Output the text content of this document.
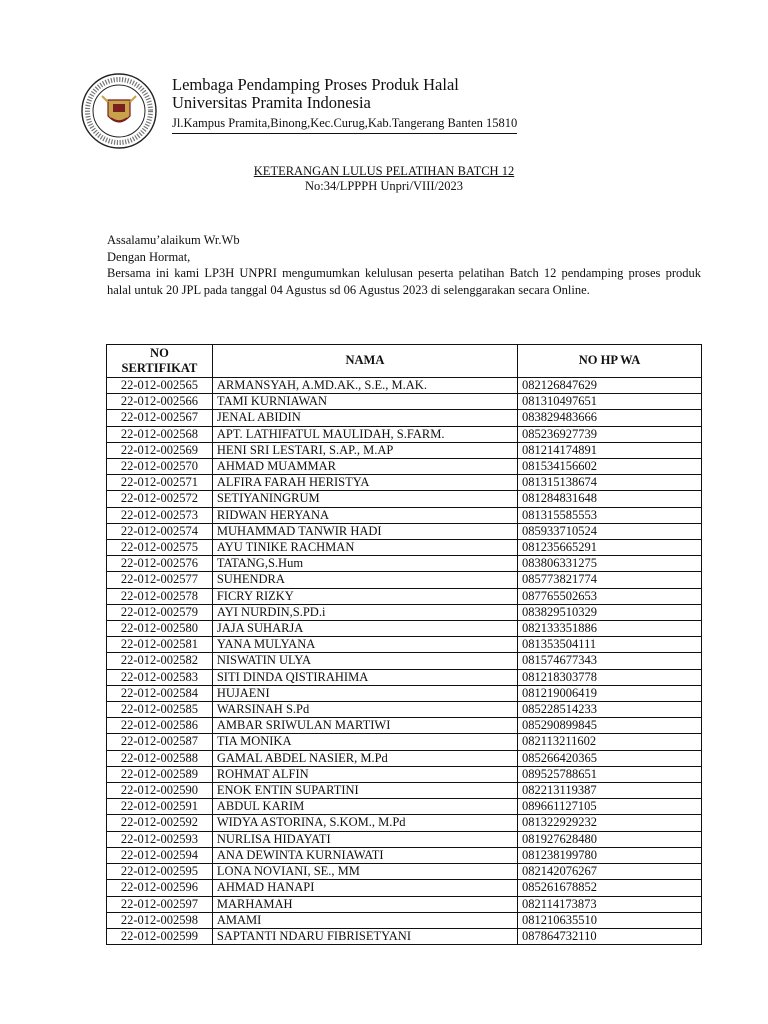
Lembaga Pendamping Proses Produk Halal
Universitas Pramita Indonesia
Jl.Kampus Pramita,Binong,Kec.Curug,Kab.Tangerang Banten 15810
KETERANGAN LULUS PELATIHAN BATCH 12
No:34/LPPPH Unpri/VIII/2023
Assalamu’alaikum Wr.Wb
Dengan Hormat,
Bersama ini kami LP3H UNPRI mengumumkan kelulusan peserta pelatihan Batch 12 pendamping proses produk halal untuk 20 JPL pada tanggal 04 Agustus sd 06 Agustus 2023 di selenggarakan secara Online.
NO
SERTIFIKAT	NAMA	NO HP WA
22-012-002565	ARMANSYAH, A.MD.AK., S.E., M.AK.	082126847629
22-012-002566	TAMI KURNIAWAN	081310497651
22-012-002567	JENAL ABIDIN	083829483666
22-012-002568	APT. LATHIFATUL MAULIDAH, S.FARM.	085236927739
22-012-002569	HENI SRI LESTARI, S.AP., M.AP	081214174891
22-012-002570	AHMAD MUAMMAR	081534156602
22-012-002571	ALFIRA FARAH HERISTYA	081315138674
22-012-002572	SETIYANINGRUM	081284831648
22-012-002573	RIDWAN HERYANA	081315585553
22-012-002574	MUHAMMAD TANWIR HADI	085933710524
22-012-002575	AYU TINIKE RACHMAN	081235665291
22-012-002576	TATANG,S.Hum	083806331275
22-012-002577	SUHENDRA	085773821774
22-012-002578	FICRY RIZKY	087765502653
22-012-002579	AYI NURDIN,S.PD.i	083829510329
22-012-002580	JAJA SUHARJA	082133351886
22-012-002581	YANA MULYANA	081353504111
22-012-002582	NISWATIN ULYA	081574677343
22-012-002583	SITI DINDA QISTIRAHIMA	081218303778
22-012-002584	HUJAENI	081219006419
22-012-002585	WARSINAH S.Pd	085228514233
22-012-002586	AMBAR SRIWULAN MARTIWI	085290899845
22-012-002587	TIA MONIKA	082113211602
22-012-002588	GAMAL ABDEL NASIER, M.Pd	085266420365
22-012-002589	ROHMAT ALFIN	089525788651
22-012-002590	ENOK ENTIN SUPARTINI	082213119387
22-012-002591	ABDUL KARIM	089661127105
22-012-002592	WIDYA ASTORINA, S.KOM., M.Pd	081322929232
22-012-002593	NURLISA HIDAYATI	081927628480
22-012-002594	ANA DEWINTA KURNIAWATI	081238199780
22-012-002595	LONA NOVIANI, SE., MM	082142076267
22-012-002596	AHMAD HANAPI	085261678852
22-012-002597	MARHAMAH	082114173873
22-012-002598	AMAMI	081210635510
22-012-002599	SAPTANTI NDARU FIBRISETYANI	087864732110
